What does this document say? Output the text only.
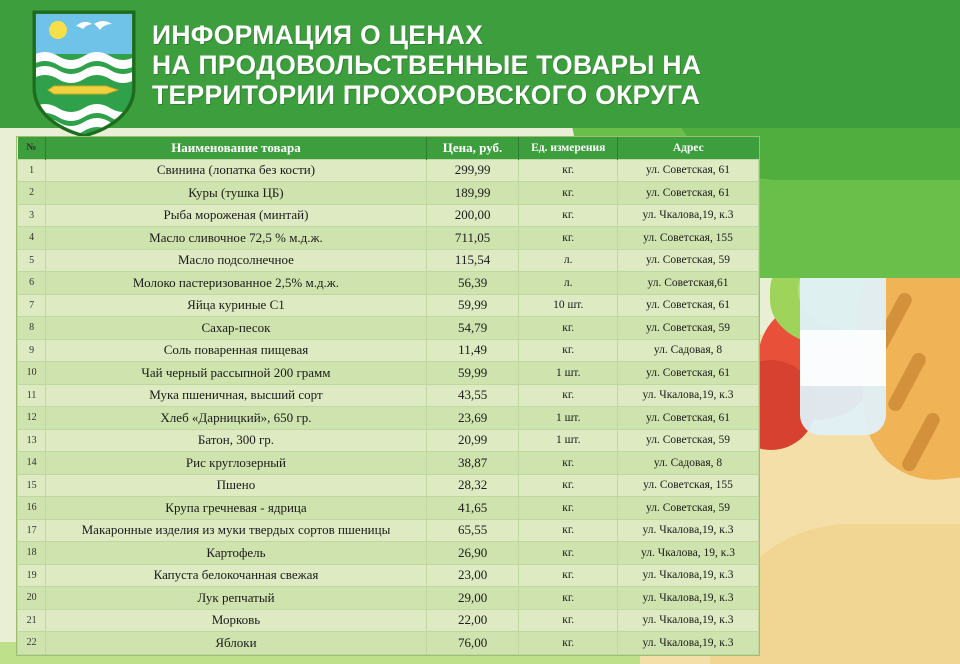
ИНФОРМАЦИЯ О ЦЕНАХ
НА ПРОДОВОЛЬСТВЕННЫЕ ТОВАРЫ НА
ТЕРРИТОРИИ ПРОХОРОВСКОГО ОКРУГА
№	Наименование товара	Цена, руб.	Ед. измерения	Адрес
1	Свинина (лопатка без кости)	299,99	кг.	ул. Советская, 61
2	Куры (тушка ЦБ)	189,99	кг.	ул. Советская, 61
3	Рыба мороженая (минтай)	200,00	кг.	ул. Чкалова,19, к.3
4	Масло сливочное 72,5 % м.д.ж.	711,05	кг.	ул. Советская, 155
5	Масло подсолнечное	115,54	л.	ул. Советская, 59
6	Молоко пастеризованное 2,5% м.д.ж.	56,39	л.	ул. Советская,61
7	Яйца куриные С1	59,99	10 шт.	ул. Советская, 61
8	Сахар-песок	54,79	кг.	ул. Советская, 59
9	Соль поваренная пищевая	11,49	кг.	ул. Садовая, 8
10	Чай черный рассыпной 200 грамм	59,99	1 шт.	ул. Советская, 61
11	Мука пшеничная, высший сорт	43,55	кг.	ул. Чкалова,19, к.3
12	Хлеб «Дарницкий», 650 гр.	23,69	1 шт.	ул. Советская, 61
13	Батон, 300 гр.	20,99	1 шт.	ул. Советская, 59
14	Рис круглозерный	38,87	кг.	ул. Садовая, 8
15	Пшено	28,32	кг.	ул. Советская, 155
16	Крупа гречневая - ядрица	41,65	кг.	ул. Советская, 59
17	Макаронные изделия из муки твердых сортов пшеницы	65,55	кг.	ул. Чкалова,19, к.3
18	Картофель	26,90	кг.	ул. Чкалова, 19, к.3
19	Капуста белокочанная свежая	23,00	кг.	ул. Чкалова,19, к.3
20	Лук репчатый	29,00	кг.	ул. Чкалова,19, к.3
21	Морковь	22,00	кг.	ул. Чкалова,19, к.3
22	Яблоки	76,00	кг.	ул. Чкалова,19, к.3
